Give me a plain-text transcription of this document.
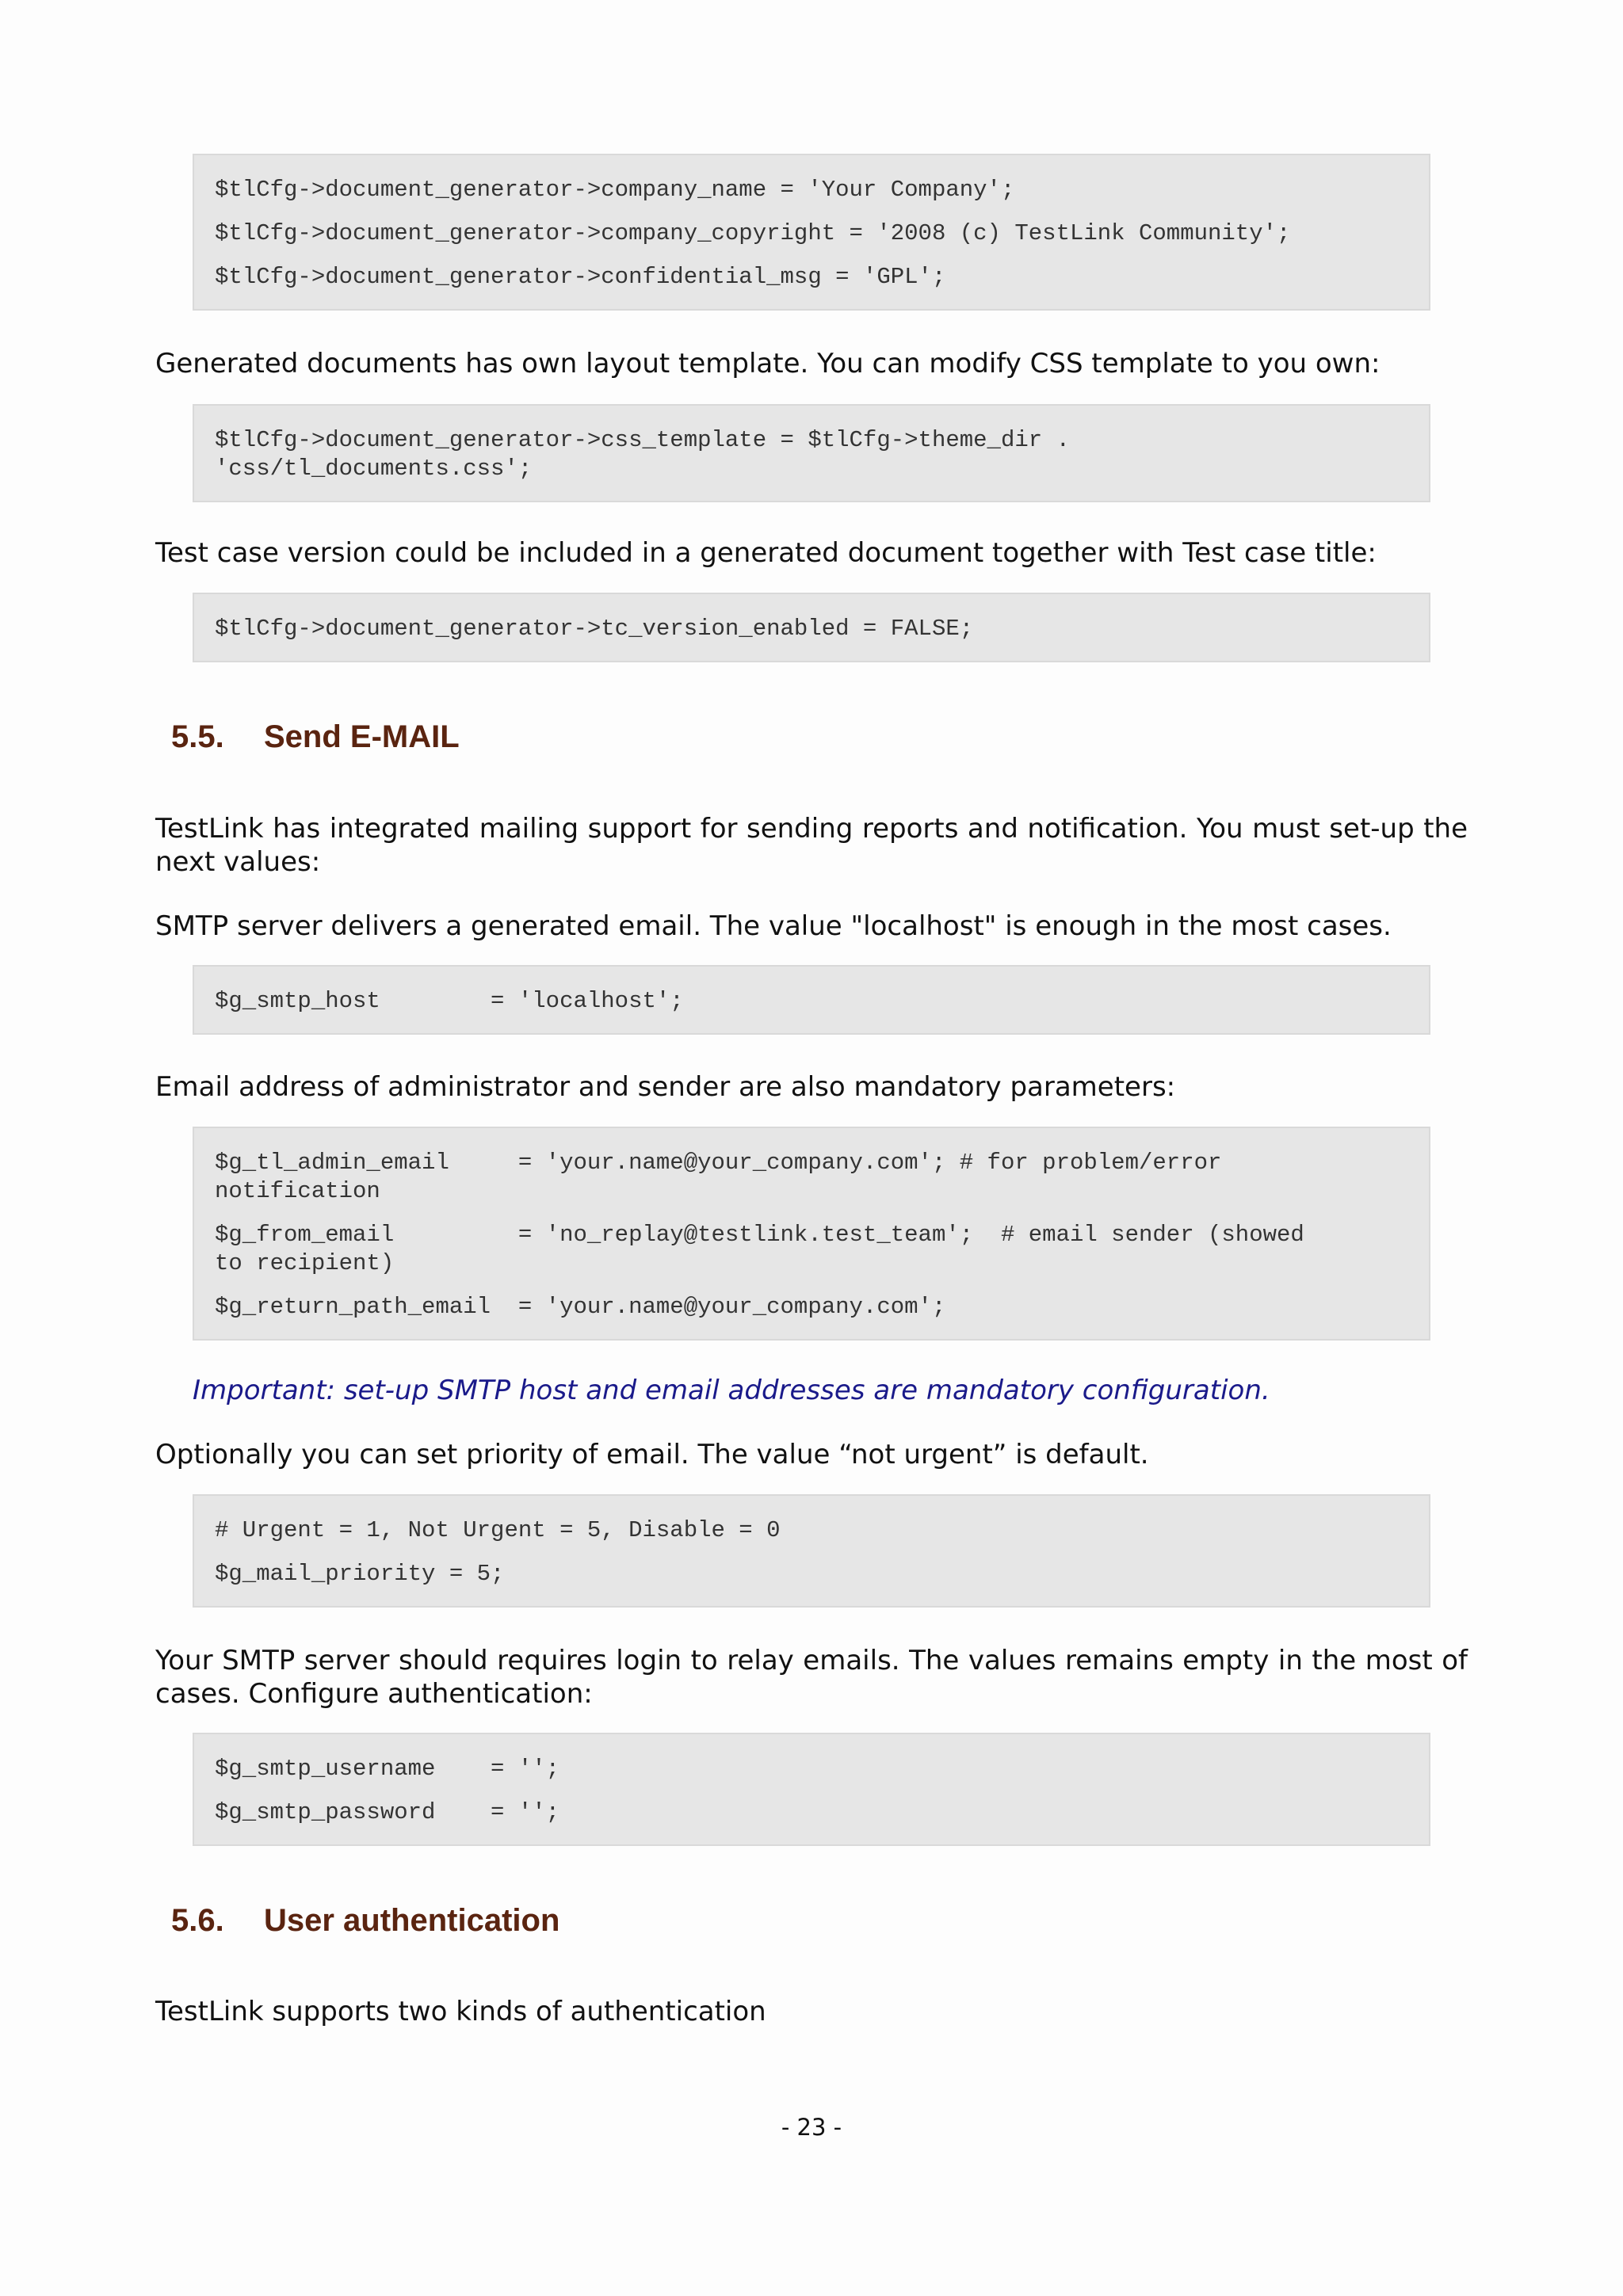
$tlCfg->document_generator->company_name = 'Your Company';
$tlCfg->document_generator->company_copyright = '2008 (c) TestLink Community';
$tlCfg->document_generator->confidential_msg = 'GPL';
Generated documents has own layout template. You can modify CSS template to you own:
$tlCfg->document_generator->css_template = $tlCfg->theme_dir .
'css/tl_documents.css';
Test case version could be included in a generated document together with Test case title:
$tlCfg->document_generator->tc_version_enabled = FALSE;
5.5.	Send E-MAIL
TestLink has integrated mailing support for sending reports and notification. You must set-up the next values:
SMTP server delivers a generated email. The value "localhost" is enough in the most cases.
$g_smtp_host        = 'localhost';
Email address of administrator and sender are also mandatory parameters:
$g_tl_admin_email     = 'your.name@your_company.com'; # for problem/error
notification
$g_from_email         = 'no_replay@testlink.test_team';  # email sender (showed
to recipient)
$g_return_path_email  = 'your.name@your_company.com';
Important: set-up SMTP host and email addresses are mandatory configuration.
Optionally you can set priority of email. The value “not urgent” is default.
# Urgent = 1, Not Urgent = 5, Disable = 0
$g_mail_priority = 5;
Your SMTP server should requires login to relay emails. The values remains empty in the most of cases. Configure authentication:
$g_smtp_username    = '';
$g_smtp_password    = '';
5.6.	User authentication
TestLink supports two kinds of authentication
- 23 -
